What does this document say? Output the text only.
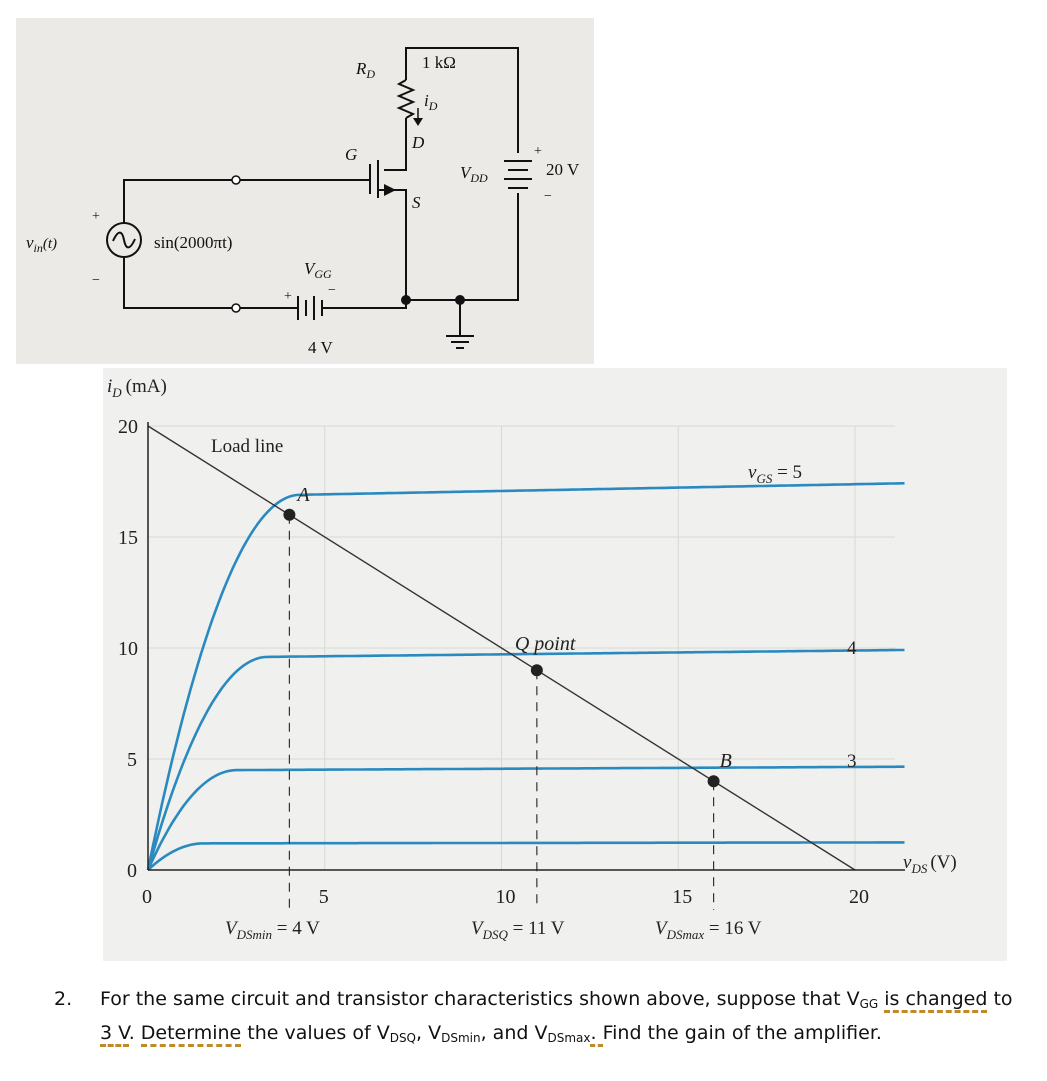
$R_D$
$i_D$
G
D
S
$V_{DD}$
$v_{in}(t)$
$V_{GG}$
1 kΩ
20 V
sin(2000πt)
4 V
+
−
+
−
+	−
4
3
0	5	10	15	20
0
5
10
15
20
A
Q point
B
$i_D$ (mA)
$v_{DS}$ (V)
Load line
$v_{GS} = 5$
$V_{DSmin} = 4$ V	$V_{DSQ} = 11$ V	$V_{DSmax} = 16$ V
2. For the same circuit and transistor characteristics shown above, suppose that $V_{GG}$ is changed to
3 V. Determine the values of $V_{DSQ}$, $V_{DSmin}$, and $V_{DSmax}$. Find the gain of the amplifier.
